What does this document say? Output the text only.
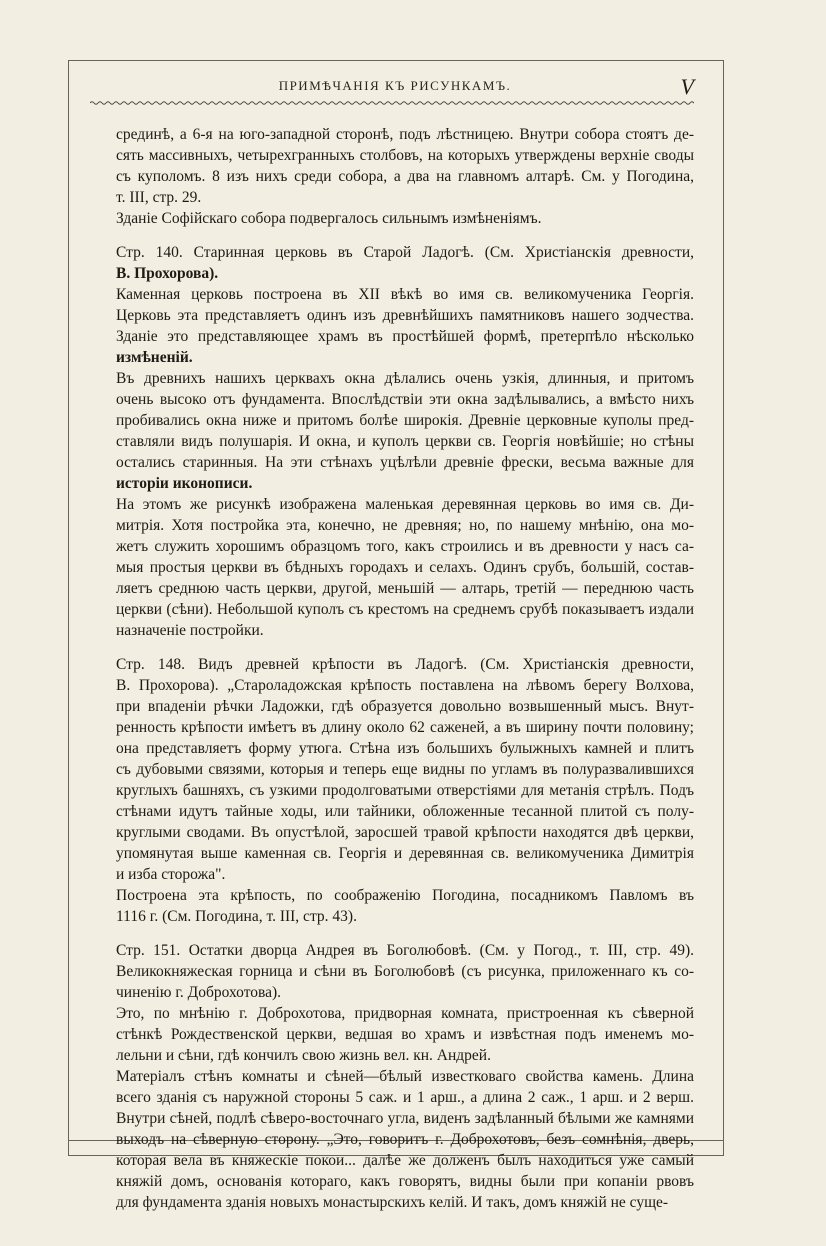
ПРИМѢЧАНІЯ КЪ РИСУНКАМЪ.	V

срединѣ, а 6-я на юго-западной сторонѣ, подъ лѣстницею. Внутри собора стоятъ де-
сять массивныхъ, четырехгранныхъ столбовъ, на которыхъ утверждены верхніе своды
съ куполомъ. 8 изъ нихъ среди собора, а два на главномъ алтарѣ. См. у Погодина,
т. III, стр. 29.

Зданіе Софійскаго собора подвергалось сильнымъ измѣненіямъ.

Стр. 140. Старинная церковь въ Старой Ладогѣ. (См. Христіанскія древности,
В. Прохорова).

Каменная церковь построена въ XII вѣкѣ во имя св. великомученика Георгія.
Церковь эта представляетъ одинъ изъ древнѣйшихъ памятниковъ нашего зодчества.
Зданіе это представляющее храмъ въ простѣйшей формѣ, претерпѣло нѣсколько
измѣненій.

Въ древнихъ нашихъ церквахъ окна дѣлались очень узкія, длинныя, и притомъ
очень высоко отъ фундамента. Впослѣдствіи эти окна задѣлывались, а вмѣсто нихъ
пробивались окна ниже и притомъ болѣе широкія. Древніе церковные куполы пред-
ставляли видъ полушарія. И окна, и куполъ церкви св. Георгія новѣйшіе; но стѣны
остались старинныя. На эти стѣнахъ уцѣлѣли древніе фрески, весьма важные для
исторіи иконописи.

На этомъ же рисункѣ изображена маленькая деревянная церковь во имя св. Ди-
митрія. Хотя постройка эта, конечно, не древняя; но, по нашему мнѣнію, она мо-
жетъ служить хорошимъ образцомъ того, какъ строились и въ древности у насъ са-
мыя простыя церкви въ бѣдныхъ городахъ и селахъ. Одинъ срубъ, большій, состав-
ляетъ среднюю часть церкви, другой, меньшій — алтарь, третій — переднюю часть
церкви (сѣни). Небольшой куполъ съ крестомъ на среднемъ срубѣ показываетъ издали
назначеніе постройки.

Стр. 148. Видъ древней крѣпости въ Ладогѣ. (См. Христіанскія древности,
В. Прохорова). „Староладожская крѣпость поставлена на лѣвомъ берегу Волхова,
при впаденіи рѣчки Ладожки, гдѣ образуется довольно возвышенный мысъ. Внут-
ренность крѣпости имѣетъ въ длину около 62 саженей, а въ ширину почти половину;
она представляетъ форму утюга. Стѣна изъ большихъ булыжныхъ камней и плитъ
съ дубовыми связями, которыя и теперь еще видны по угламъ въ полуразвалившихся
круглыхъ башняхъ, съ узкими продолговатыми отверстіями для метанія стрѣлъ. Подъ
стѣнами идутъ тайные ходы, или тайники, обложенные тесанной плитой съ полу-
круглыми сводами. Въ опустѣлой, заросшей травой крѣпости находятся двѣ церкви,
упомянутая выше каменная св. Георгія и деревянная св. великомученика Димитрія
и изба сторожа".

Построена эта крѣпость, по соображенію Погодина, посадникомъ Павломъ въ
1116 г. (См. Погодина, т. III, стр. 43).

Стр. 151. Остатки дворца Андрея въ Боголюбовѣ. (См. у Погод., т. III, стр. 49).
Великокняжеская горница и сѣни въ Боголюбовѣ (съ рисунка, приложеннаго къ со-
чиненію г. Доброхотова).

Это, по мнѣнію г. Доброхотова, придворная комната, пристроенная къ сѣверной
стѣнкѣ Рождественской церкви, ведшая во храмъ и извѣстная подъ именемъ мо-
лельни и сѣни, гдѣ кончилъ свою жизнь вел. кн. Андрей.

Матеріалъ стѣнъ комнаты и сѣней—бѣлый известковаго свойства камень. Длина
всего зданія съ наружной стороны 5 саж. и 1 арш., а длина 2 саж., 1 арш. и 2 верш.
Внутри сѣней, подлѣ сѣверо-восточнаго угла, виденъ задѣланный бѣлыми же камнями
выходъ на сѣверную сторону. „Это, говоритъ г. Доброхотовъ, безъ сомнѣнія, дверь,
которая вела въ княжескіе покои... далѣе же долженъ былъ находиться уже самый
княжій домъ, основанія котораго, какъ говорятъ, видны были при копаніи рвовъ
для фундамента зданія новыхъ монастырскихъ келій. И такъ, домъ княжій не суще-
